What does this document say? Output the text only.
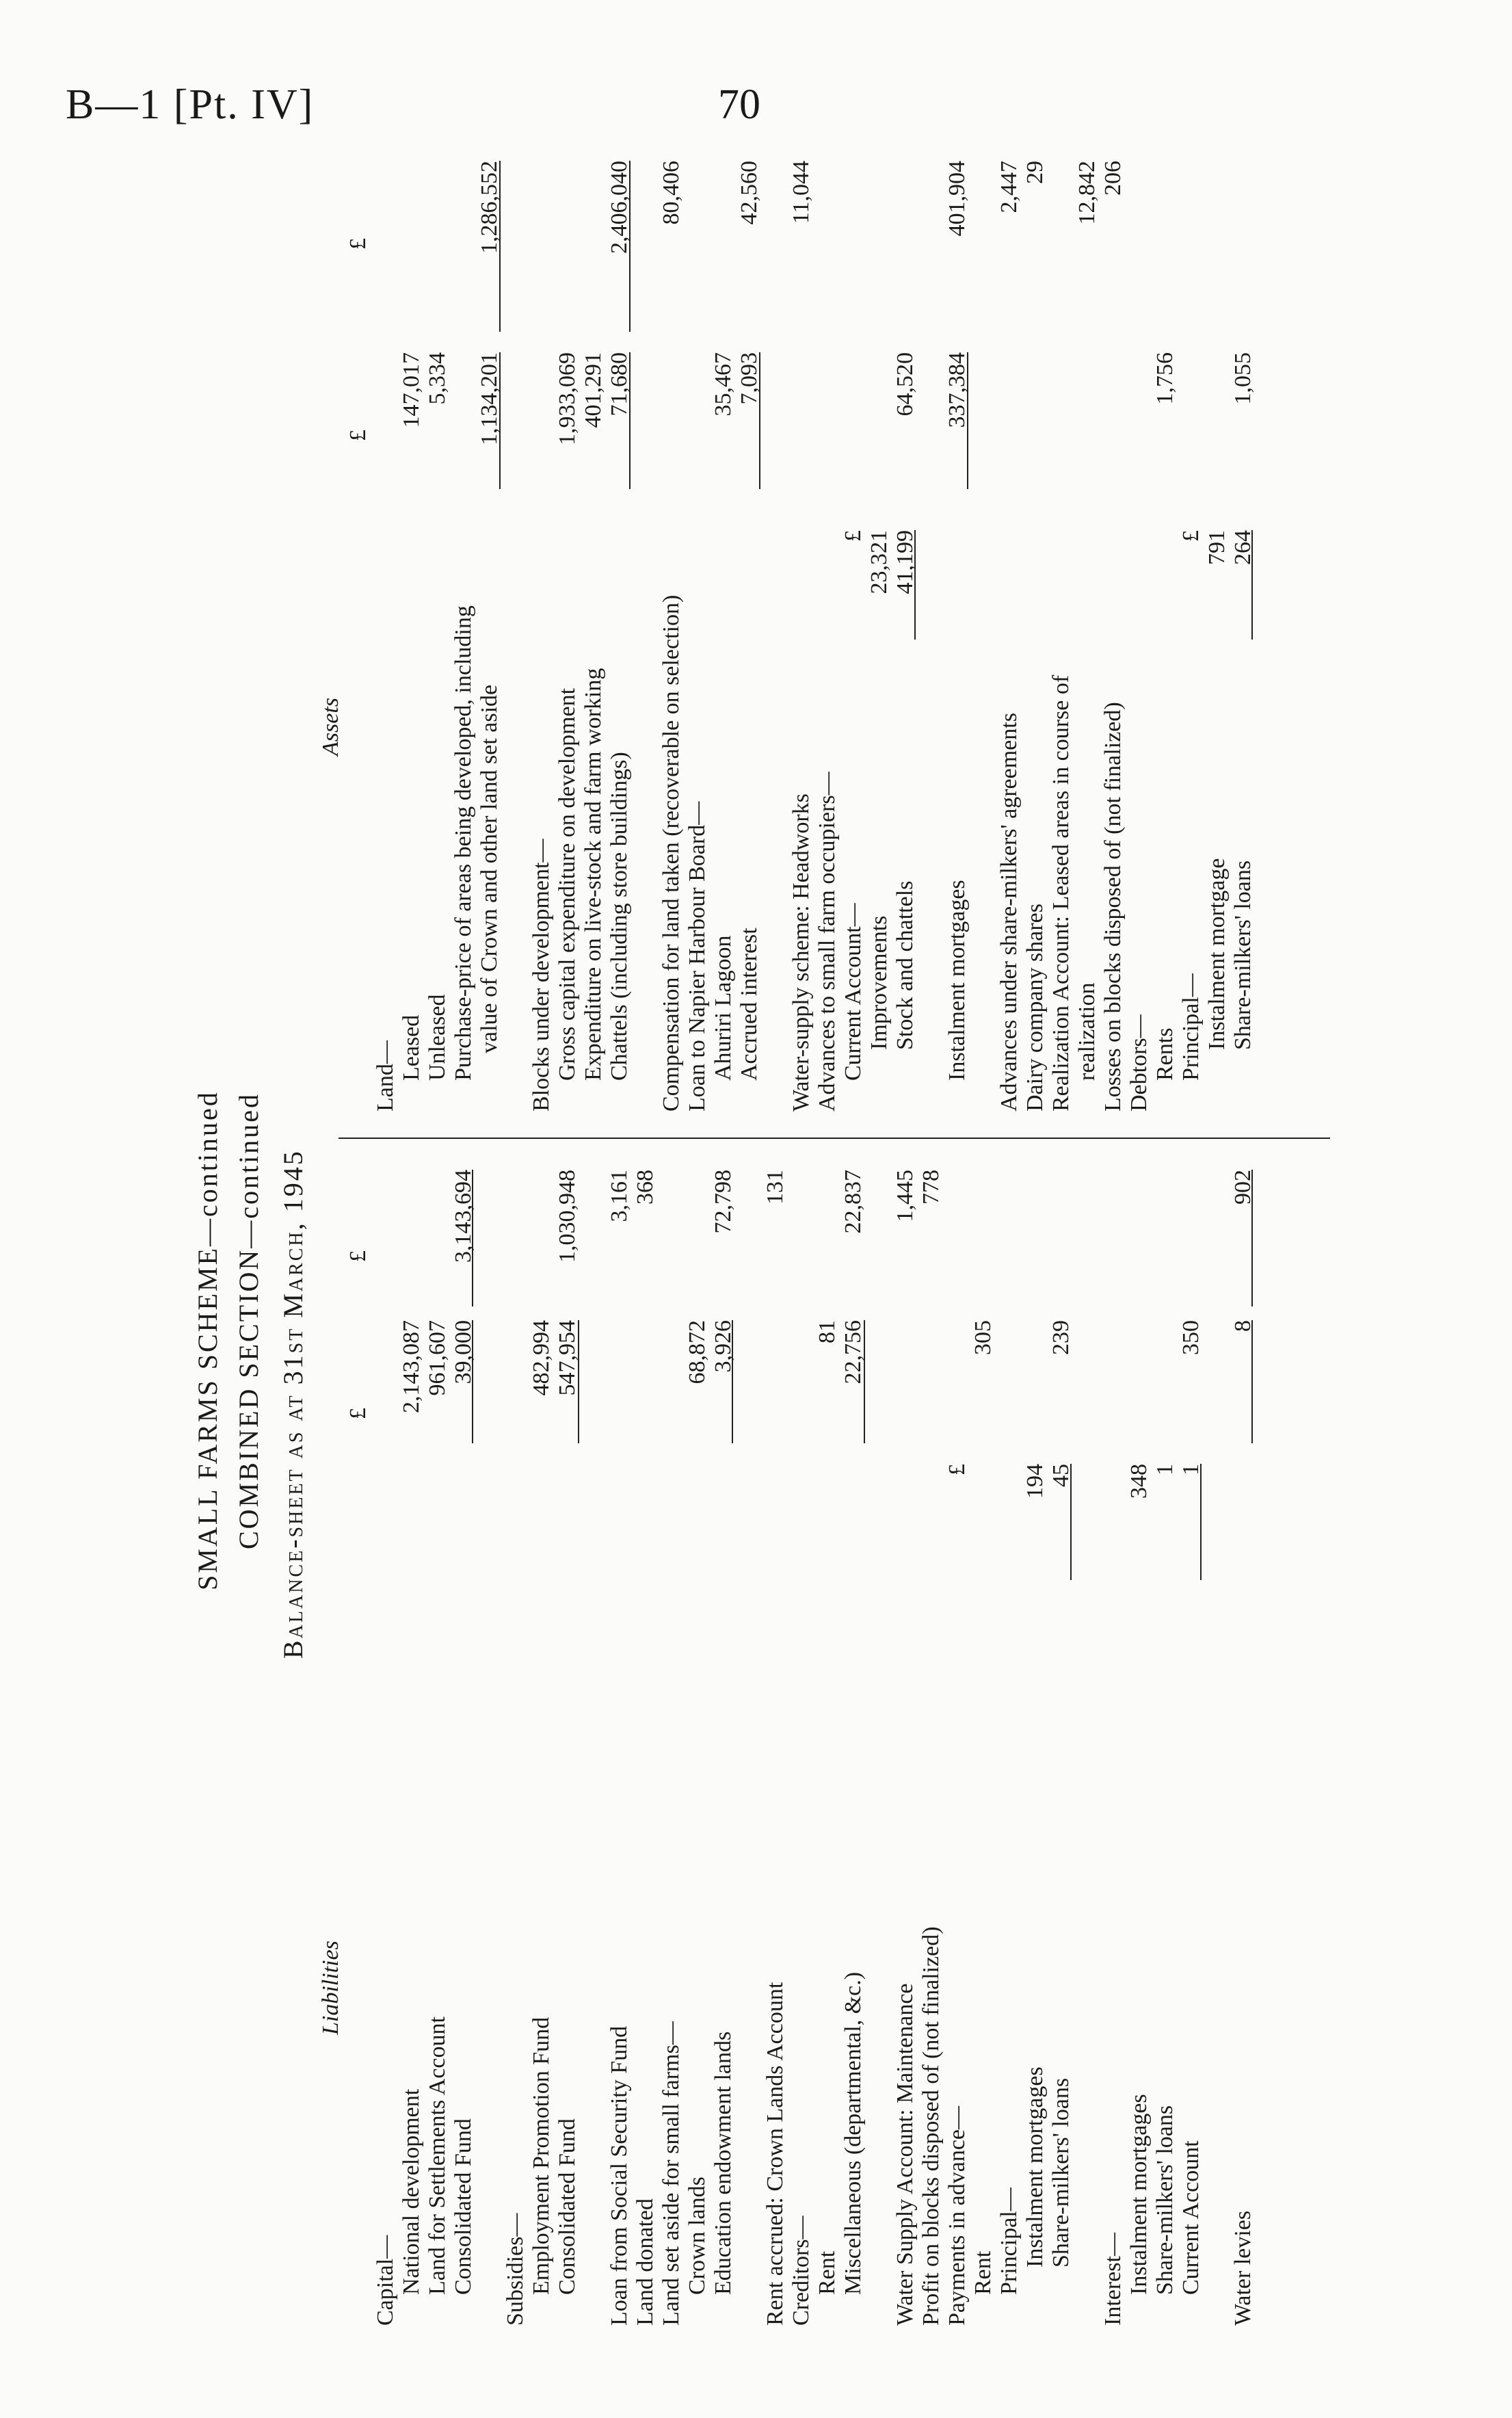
B—1 [Pt. IV]	70
SMALL FARMS SCHEME—continued COMBINED SECTION—continued Balance-sheet as at 31st March, 1945
Liabilities
Assets
£
£
£
£
Capital— National development
2,143,087
Land for Settlements Account
961,607
Consolidated Fund
39,000
3,143,694
Subsidies— Employment Promotion Fund
482,994
Consolidated Fund
547,954
1,030,948
Loan from Social Security Fund
3,161
Land donated
368
Land set aside for small farms— Crown lands
68,872
Education endowment lands
3,926
72,798
Rent accrued: Crown Lands Account
131
Creditors— Rent
81
Miscellaneous (departmental, &c.)
22,756
22,837
Water Supply Account: Maintenance
1,445
Profit on blocks disposed of (not finalized)
778
Payments in advance—
£
Rent
305
Principal— Instalment mortgages
194
Share-milkers' loans
45
239
Interest— Instalment mortgages
348
Share-milkers' loans
1
Current Account
1
350
Water levies
8
902
Land— Leased
147,017
Unleased
5,334
Purchase-price of areas being developed, including value of Crown and other land set aside
1,134,201
1,286,552
Blocks under development— Gross capital expenditure on development
1,933,069
Expenditure on live-stock and farm working
401,291
Chattels (including store buildings)
71,680
2,406,040
Compensation for land taken (recoverable on selection)
80,406
Loan to Napier Harbour Board— Ahuriri Lagoon
35,467
Accrued interest
7,093
42,560
Water-supply scheme: Headworks
11,044
Advances to small farm occupiers— Current Account—
£
Improvements
23,321
Stock and chattels
41,199
64,520
Instalment mortgages
337,384
401,904
Advances under share-milkers' agreements
2,447
Dairy company shares
29
Realization Account: Leased areas in course of realization
12,842
Losses on blocks disposed of (not finalized)
206
Debtors— Rents
1,756
Principal—
£
Instalment mortgage
791
Share-milkers' loans
264
1,055
